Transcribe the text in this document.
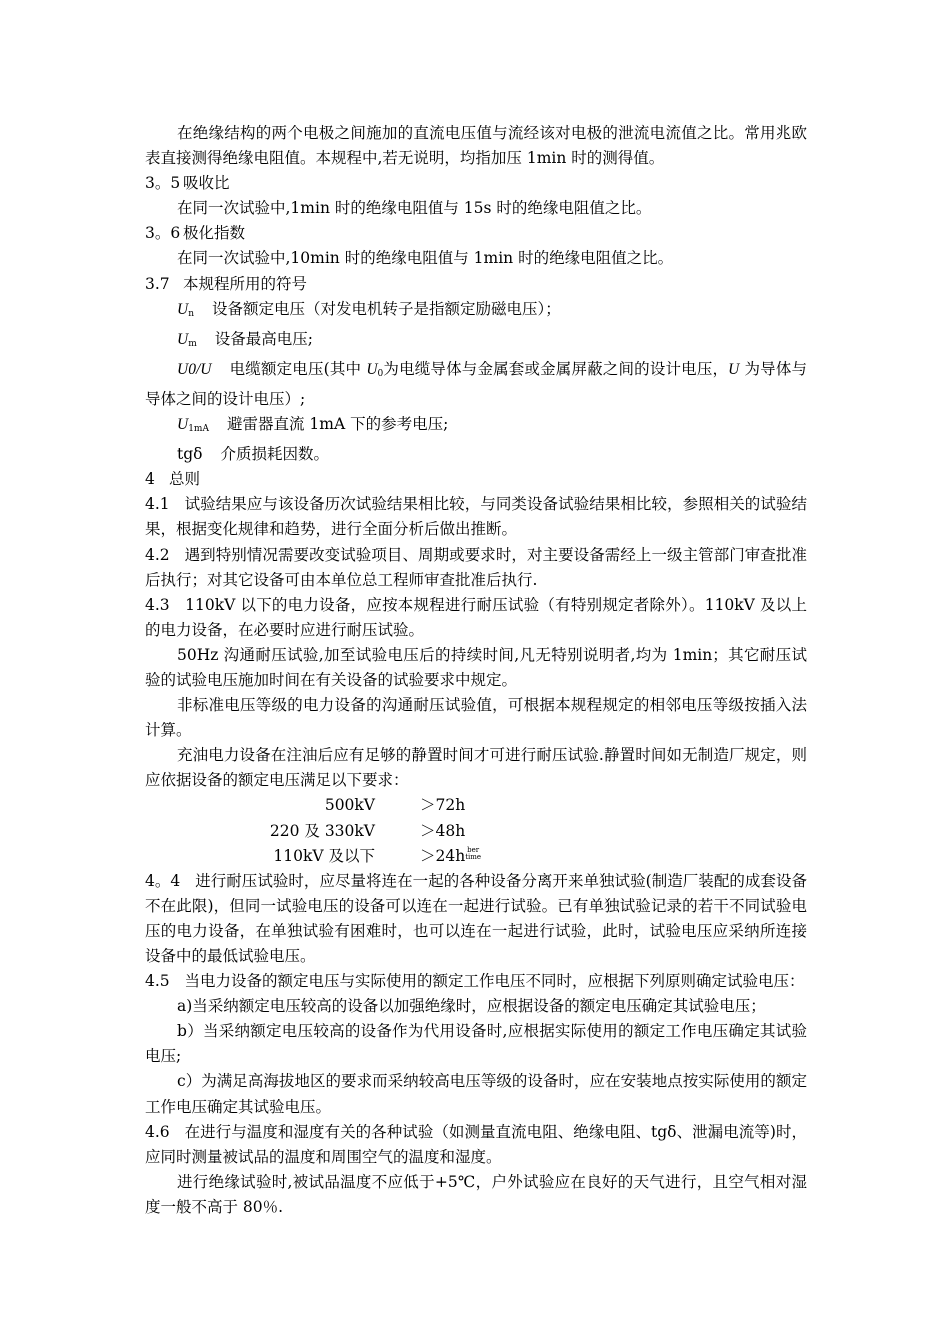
在绝缘结构的两个电极之间施加的直流电压值与流经该对电极的泄流电流值之比。常用兆欧表直接测得绝缘电阻值。本规程中,若无说明，均指加压 1min 时的测得值。

3。5 吸收比

在同一次试验中,1min 时的绝缘电阻值与 15s 时的绝缘电阻值之比。

3。6 极化指数

在同一次试验中,10min 时的绝缘电阻值与 1min 时的绝缘电阻值之比。

3.7 本规程所用的符号

$U_n$ 设备额定电压（对发电机转子是指额定励磁电压）；

$U_m$ 设备最高电压;

U0/U 电缆额定电压(其中 $U_0$为电缆导体与金属套或金属屏蔽之间的设计电压，U 为导体与导体之间的设计电压）;

$U_{1mA}$ 避雷器直流 1mA 下的参考电压;

tgδ 介质损耗因数。

4 总则

4.1 试验结果应与该设备历次试验结果相比较，与同类设备试验结果相比较，参照相关的试验结果，根据变化规律和趋势，进行全面分析后做出推断。

4.2 遇到特别情况需要改变试验项目、周期或要求时，对主要设备需经上一级主管部门审查批准后执行；对其它设备可由本单位总工程师审查批准后执行.

4.3 110kV 以下的电力设备，应按本规程进行耐压试验（有特别规定者除外）。110kV 及以上的电力设备，在必要时应进行耐压试验。

50Hz 沟通耐压试验,加至试验电压后的持续时间,凡无特别说明者,均为 1min；其它耐压试验的试验电压施加时间在有关设备的试验要求中规定。

非标准电压等级的电力设备的沟通耐压试验值，可根据本规程规定的相邻电压等级按插入法计算。

充油电力设备在注油后应有足够的静置时间才可进行耐压试验.静置时间如无制造厂规定，则应依据设备的额定电压满足以下要求：

500kV	＞72h
220 及 330kV	＞48h
110kV 及以下	＞24h ber
time

4。4 进行耐压试验时，应尽量将连在一起的各种设备分离开来单独试验(制造厂装配的成套设备不在此限)，但同一试验电压的设备可以连在一起进行试验。已有单独试验记录的若干不同试验电压的电力设备，在单独试验有困难时，也可以连在一起进行试验，此时，试验电压应采纳所连接设备中的最低试验电压。

4.5 当电力设备的额定电压与实际使用的额定工作电压不同时，应根据下列原则确定试验电压：

a)当采纳额定电压较高的设备以加强绝缘时，应根据设备的额定电压确定其试验电压；

b）当采纳额定电压较高的设备作为代用设备时,应根据实际使用的额定工作电压确定其试验电压;

c）为满足高海拔地区的要求而采纳较高电压等级的设备时，应在安装地点按实际使用的额定工作电压确定其试验电压。

4.6 在进行与温度和湿度有关的各种试验（如测量直流电阻、绝缘电阻、tgδ、泄漏电流等)时，应同时测量被试品的温度和周围空气的温度和湿度。

进行绝缘试验时,被试品温度不应低于+5℃，户外试验应在良好的天气进行，且空气相对湿度一般不高于 80％.
